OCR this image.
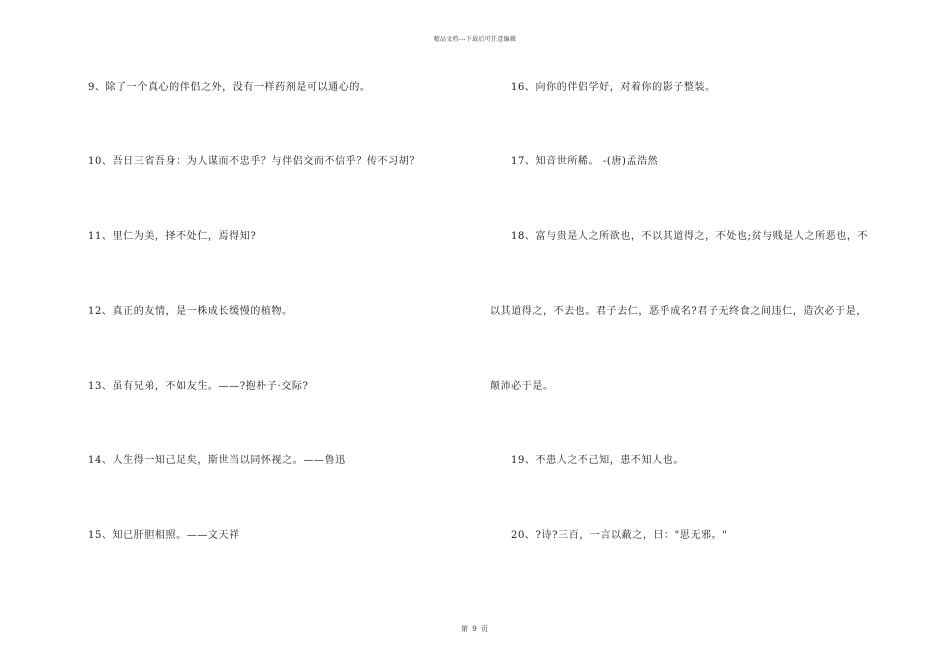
精品文档---下载后可任意编辑
9、除了一个真心的伴侣之外，没有一样药剂是可以通心的。
10、吾日三省吾身：为人谋而不忠乎？与伴侣交而不信乎？传不习胡？
11、里仁为美，择不处仁，焉得知?
12、真正的友情，是一株成长缓慢的植物。
13、虽有兄弟，不如友生。——?抱朴子·交际?
14、人生得一知己足矣，斯世当以同怀视之。——鲁迅
15、知已肝胆相照。——文天祥
16、向你的伴侣学好，对着你的影子整装。
17、知音世所稀。 -(唐)孟浩然
18、富与贵是人之所欲也，不以其道得之，不处也;贫与贱是人之所恶也，不
以其道得之，不去也。君子去仁，恶乎成名?君子无终食之间违仁，造次必于是，
颠沛必于是。
19、不患人之不己知，患不知人也。
20、?诗?三百，一言以蔽之，曰："思无邪。"
第 9 页
